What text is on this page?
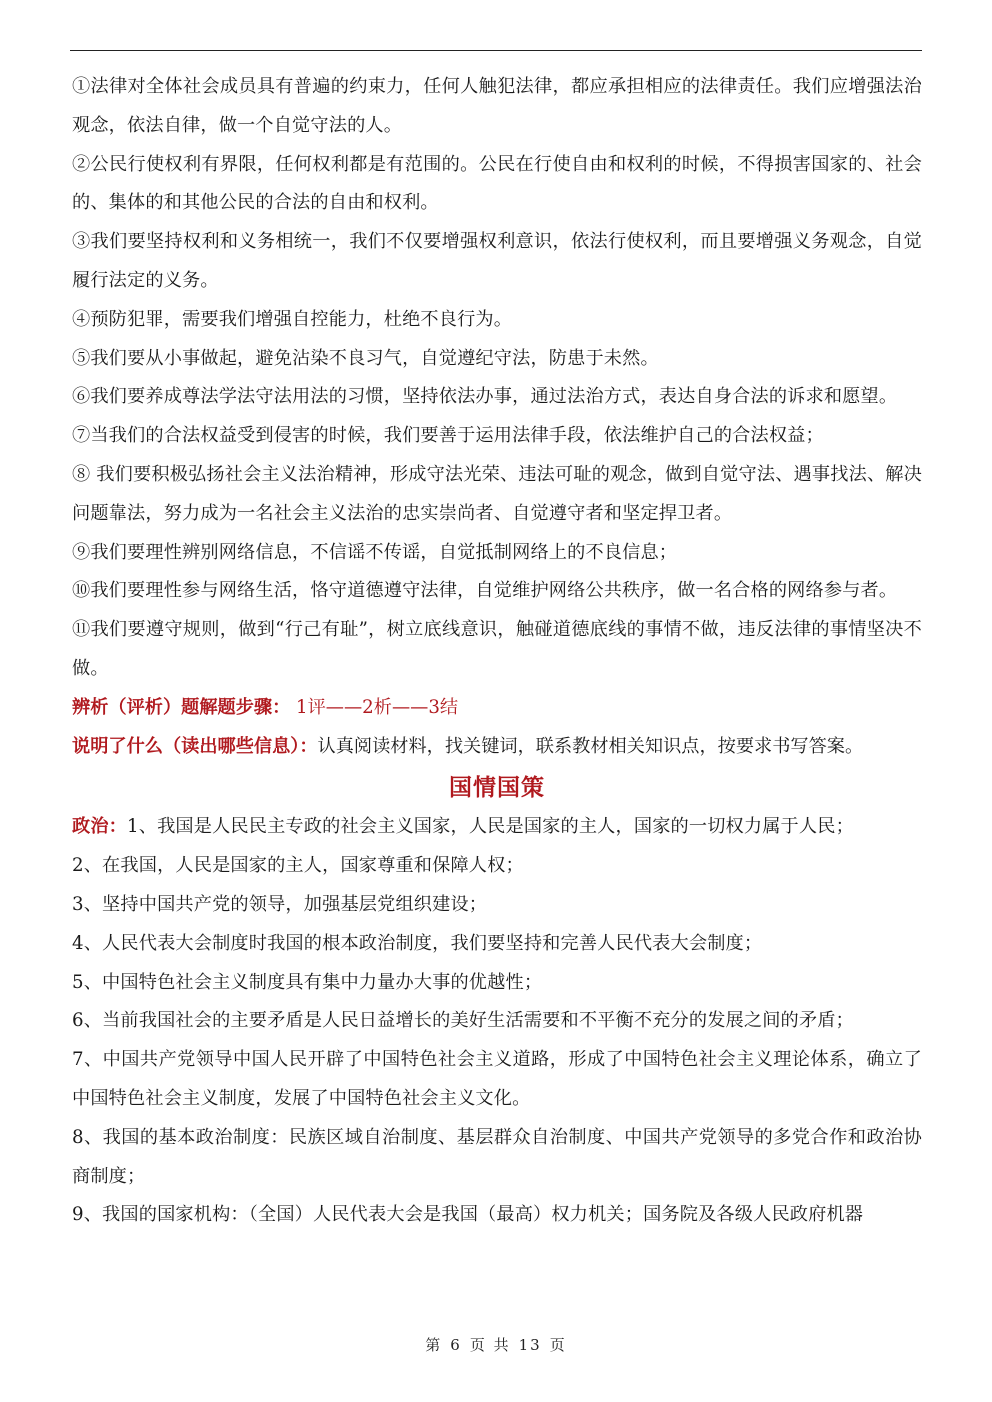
①法律对全体社会成员具有普遍的约束力，任何人触犯法律，都应承担相应的法律责任。我们应增强法治观念，依法自律，做一个自觉守法的人。

②公民行使权利有界限，任何权利都是有范围的。公民在行使自由和权利的时候，不得损害国家的、社会的、集体的和其他公民的合法的自由和权利。

③我们要坚持权利和义务相统一，我们不仅要增强权利意识，依法行使权利，而且要增强义务观念，自觉履行法定的义务。

④预防犯罪，需要我们增强自控能力，杜绝不良行为。

⑤我们要从小事做起，避免沾染不良习气，自觉遵纪守法，防患于未然。

⑥我们要养成尊法学法守法用法的习惯，坚持依法办事，通过法治方式，表达自身合法的诉求和愿望。

⑦当我们的合法权益受到侵害的时候，我们要善于运用法律手段，依法维护自己的合法权益；

⑧ 我们要积极弘扬社会主义法治精神，形成守法光荣、违法可耻的观念，做到自觉守法、遇事找法、解决问题靠法，努力成为一名社会主义法治的忠实崇尚者、自觉遵守者和坚定捍卫者。

⑨我们要理性辨别网络信息，不信谣不传谣，自觉抵制网络上的不良信息；

⑩我们要理性参与网络生活，恪守道德遵守法律，自觉维护网络公共秩序，做一名合格的网络参与者。

⑪我们要遵守规则，做到“行己有耻”，树立底线意识，触碰道德底线的事情不做，违反法律的事情坚决不做。

辨析（评析）题解题步骤： 1评——2析——3结

说明了什么（读出哪些信息）：认真阅读材料，找关键词，联系教材相关知识点，按要求书写答案。

国情国策

政治：1、我国是人民民主专政的社会主义国家，人民是国家的主人，国家的一切权力属于人民；

2、在我国，人民是国家的主人，国家尊重和保障人权；

3、坚持中国共产党的领导，加强基层党组织建设；

4、人民代表大会制度时我国的根本政治制度，我们要坚持和完善人民代表大会制度；

5、中国特色社会主义制度具有集中力量办大事的优越性；

6、当前我国社会的主要矛盾是人民日益增长的美好生活需要和不平衡不充分的发展之间的矛盾；

7、中国共产党领导中国人民开辟了中国特色社会主义道路，形成了中国特色社会主义理论体系，确立了中国特色社会主义制度，发展了中国特色社会主义文化。

8、我国的基本政治制度：民族区域自治制度、基层群众自治制度、中国共产党领导的多党合作和政治协商制度；

9、我国的国家机构：（全国）人民代表大会是我国（最高）权力机关；国务院及各级人民政府机器

第 6 页 共 13 页
